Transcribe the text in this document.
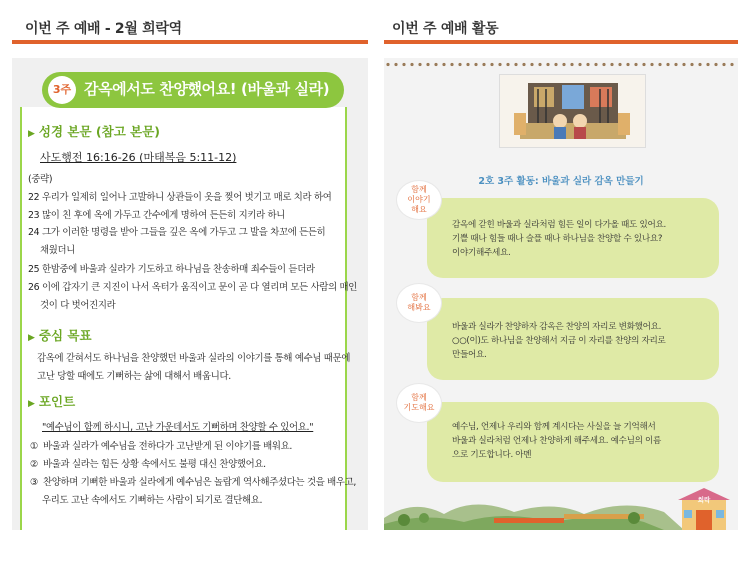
이번 주 예배 - 2월 희락역	이번 주 예배 활동
3주 감옥에서도 찬양했어요! (바울과 실라)
▶ 성경 본문 (참고 본문)
사도행전 16:16-26 (마태복음 5:11-12)
(중략)
22 우리가 일제히 일어나 고발하니 상관들이 옷을 찢어 벗기고 매로 치라 하여
23 많이 친 후에 옥에 가두고 간수에게 명하여 든든히 지키라 하니
24 그가 이러한 명령을 받아 그들을 깊은 옥에 가두고 그 발을 차꼬에 든든히
채웠더니
25 한밤중에 바울과 실라가 기도하고 하나님을 찬송하매 죄수들이 듣더라
26 이에 갑자기 큰 지진이 나서 옥터가 움직이고 문이 곧 다 열리며 모든 사람의 매인
것이 다 벗어진지라
▶ 중심 목표
감옥에 갇혀서도 하나님을 찬양했던 바울과 실라의 이야기를 통해 예수님 때문에
고난 당할 때에도 기뻐하는 삶에 대해서 배웁니다.
▶ 포인트
"예수님이 함께 하시니, 고난 가운데서도 기뻐하며 찬양할 수 있어요."
① 바울과 실라가 예수님을 전하다가 고난받게 된 이야기를 배워요.
② 바울과 실라는 힘든 상황 속에서도 불평 대신 찬양했어요.
③ 찬양하며 기뻐한 바울과 실라에게 예수님은 놀랍게 역사해주셨다는 것을 배우고,
우리도 고난 속에서도 기뻐하는 사람이 되기로 결단해요.
2호 3주 활동: 바울과 실라 감옥 만들기
함께
이야기
해요
감옥에 갇힌 바울과 실라처럼 힘든 일이 다가올 때도 있어요.
기쁠 때나 힘들 때나 슬플 때나 하나님을 찬양할 수 있나요?
이야기해주세요.
함께
해봐요
바울과 실라가 찬양하자 감옥은 찬양의 자리로 변화했어요.
○○(이)도 하나님을 찬양해서 지금 이 자리를 찬양의 자리로
만들어요.
함께
기도해요
예수님, 언제나 우리와 함께 계시다는 사실을 늘 기억해서
바울과 실라처럼 언제나 찬양하게 해주세요. 예수님의 이름
으로 기도합니다. 아멘
희락
